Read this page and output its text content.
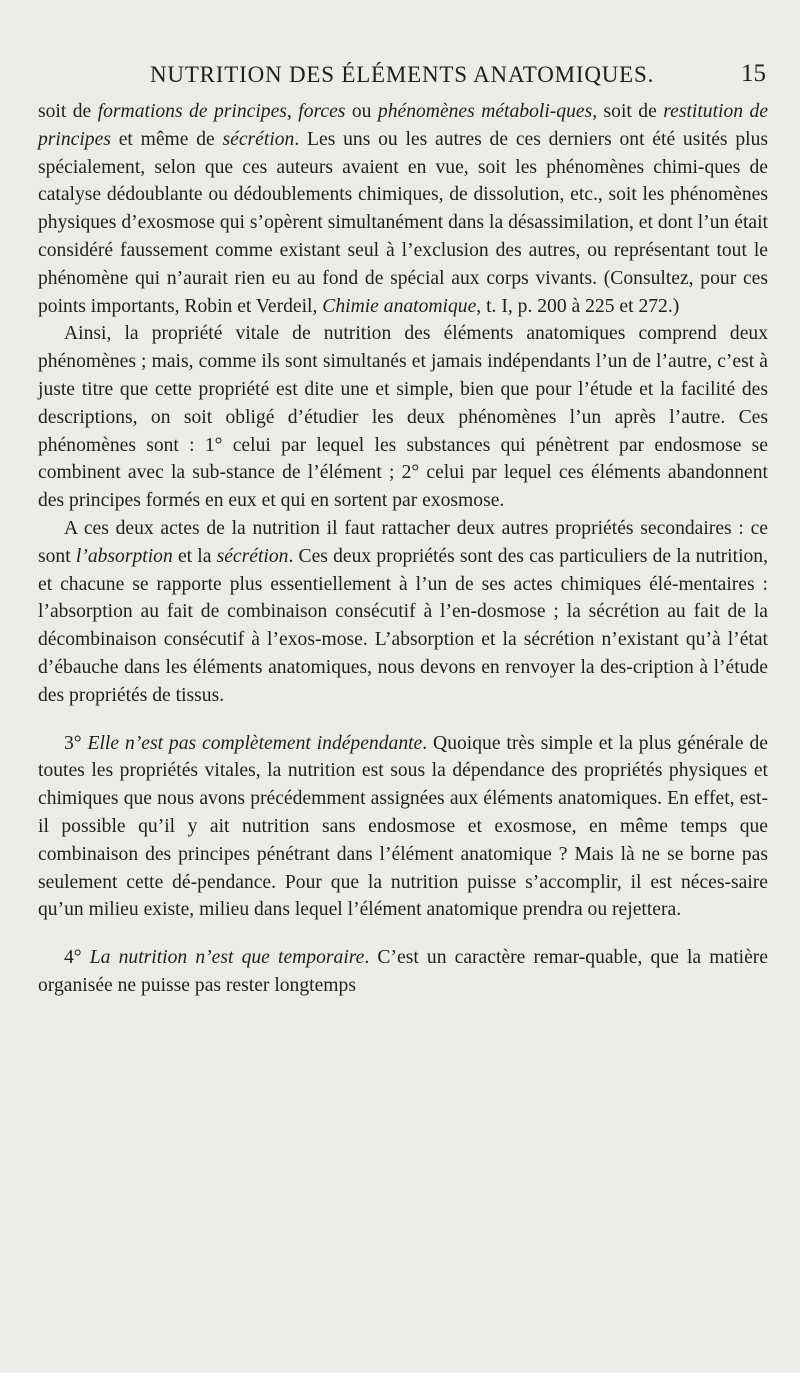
NUTRITION DES ÉLÉMENTS ANATOMIQUES.	15

soit de formations de principes, forces ou phénomènes métaboli-ques, soit de restitution de principes et même de sécrétion. Les uns ou les autres de ces derniers ont été usités plus spécialement, selon que ces auteurs avaient en vue, soit les phénomènes chimi-ques de catalyse dédoublante ou dédoublements chimiques, de dissolution, etc., soit les phénomènes physiques d’exosmose qui s’opèrent simultanément dans la désassimilation, et dont l’un était considéré faussement comme existant seul à l’exclusion des autres, ou représentant tout le phénomène qui n’aurait rien eu au fond de spécial aux corps vivants. (Consultez, pour ces points importants, Robin et Verdeil, Chimie anatomique, t. I, p. 200 à 225 et 272.)

Ainsi, la propriété vitale de nutrition des éléments anatomiques comprend deux phénomènes ; mais, comme ils sont simultanés et jamais indépendants l’un de l’autre, c’est à juste titre que cette propriété est dite une et simple, bien que pour l’étude et la facilité des descriptions, on soit obligé d’étudier les deux phénomènes l’un après l’autre. Ces phénomènes sont : 1° celui par lequel les substances qui pénètrent par endosmose se combinent avec la sub-stance de l’élément ; 2° celui par lequel ces éléments abandonnent des principes formés en eux et qui en sortent par exosmose.

A ces deux actes de la nutrition il faut rattacher deux autres propriétés secondaires : ce sont l’absorption et la sécrétion. Ces deux propriétés sont des cas particuliers de la nutrition, et chacune se rapporte plus essentiellement à l’un de ses actes chimiques élé-mentaires : l’absorption au fait de combinaison consécutif à l’en-dosmose ; la sécrétion au fait de la décombinaison consécutif à l’exos-mose. L’absorption et la sécrétion n’existant qu’à l’état d’ébauche dans les éléments anatomiques, nous devons en renvoyer la des-cription à l’étude des propriétés de tissus.

3° Elle n’est pas complètement indépendante. Quoique très simple et la plus générale de toutes les propriétés vitales, la nutrition est sous la dépendance des propriétés physiques et chimiques que nous avons précédemment assignées aux éléments anatomiques. En effet, est-il possible qu’il y ait nutrition sans endosmose et exosmose, en même temps que combinaison des principes pénétrant dans l’élément anatomique ? Mais là ne se borne pas seulement cette dé-pendance. Pour que la nutrition puisse s’accomplir, il est néces-saire qu’un milieu existe, milieu dans lequel l’élément anatomique prendra ou rejettera.

4° La nutrition n’est que temporaire. C’est un caractère remar-quable, que la matière organisée ne puisse pas rester longtemps
